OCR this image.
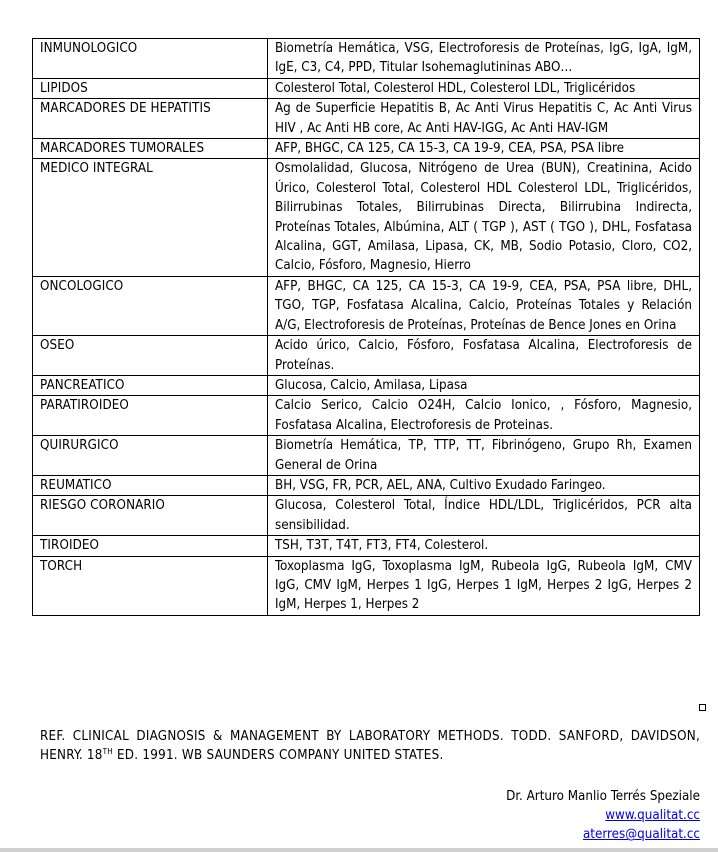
INMUNOLOGICO	Biometría Hemática, VSG, Electroforesis de Proteínas, IgG, IgA, IgM, IgE, C3, C4, PPD, Titular Isohemaglutininas ABO…
LIPIDOS	Colesterol Total, Colesterol HDL, Colesterol LDL, Triglicéridos
MARCADORES DE HEPATITIS	Ag de Superficie Hepatitis B, Ac Anti Virus Hepatitis C, Ac Anti Virus HIV , Ac Anti HB core, Ac Anti HAV-IGG, Ac Anti HAV-IGM
MARCADORES TUMORALES	AFP, BHGC, CA 125, CA 15-3, CA 19-9, CEA, PSA, PSA libre
MEDICO INTEGRAL	Osmolalidad, Glucosa, Nitrógeno de Urea (BUN), Creatinina, Acido Úrico, Colesterol Total, Colesterol HDL Colesterol LDL, Triglicéridos, Bilirrubinas Totales, Bilirrubinas Directa, Bilirrubina Indirecta, Proteínas Totales, Albúmina, ALT ( TGP ), AST ( TGO ), DHL, Fosfatasa Alcalina, GGT, Amilasa, Lipasa, CK, MB, Sodio Potasio, Cloro, CO2, Calcio, Fósforo, Magnesio, Hierro
ONCOLOGICO	AFP, BHGC, CA 125, CA 15-3, CA 19-9, CEA, PSA, PSA libre, DHL, TGO, TGP, Fosfatasa Alcalina, Calcio, Proteínas Totales y Relación A/G, Electroforesis de Proteínas, Proteínas de Bence Jones en Orina
OSEO	Acido úrico, Calcio, Fósforo, Fosfatasa Alcalina, Electroforesis de Proteínas.
PANCREATICO	Glucosa, Calcio, Amilasa, Lipasa
PARATIROIDEO	Calcio Serico, Calcio O24H, Calcio Ionico, , Fósforo, Magnesio, Fosfatasa Alcalina, Electroforesis de Proteinas.
QUIRURGICO	Biometría Hemática, TP, TTP, TT, Fibrinógeno, Grupo Rh, Examen General de Orina
REUMATICO	BH, VSG, FR, PCR, AEL, ANA, Cultivo Exudado Faringeo.
RIESGO CORONARIO	Glucosa, Colesterol Total, Índice HDL/LDL, Triglicéridos, PCR alta sensibilidad.
TIROIDEO	TSH, T3T, T4T, FT3, FT4, Colesterol.
TORCH	Toxoplasma IgG, Toxoplasma IgM, Rubeola IgG, Rubeola IgM, CMV IgG, CMV IgM, Herpes 1 IgG, Herpes 1 IgM, Herpes 2 IgG, Herpes 2 IgM, Herpes 1, Herpes 2
REF. CLINICAL DIAGNOSIS & MANAGEMENT BY LABORATORY METHODS. TODD. SANFORD, DAVIDSON, HENRY. 18TH ED. 1991. WB SAUNDERS COMPANY UNITED STATES.
Dr. Arturo Manlio Terrés Speziale
www.qualitat.cc
aterres@qualitat.cc
